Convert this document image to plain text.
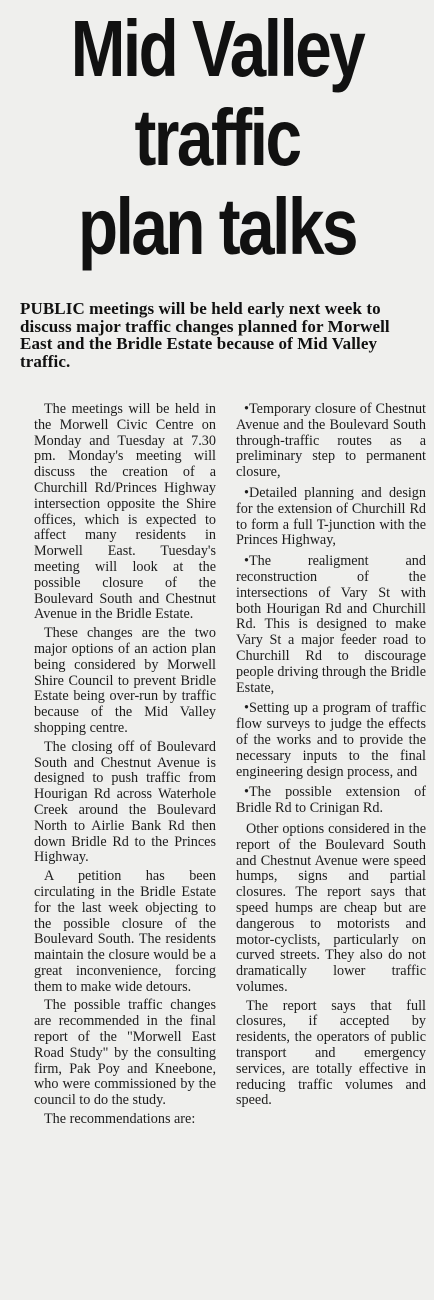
Mid Valley
traffic
plan talks
PUBLIC meetings will be held early next week to discuss major traffic changes planned for Morwell East and the Bridle Estate because of Mid Valley traffic.

The meetings will be held in the Morwell Civic Centre on Monday and Tuesday at 7.30 pm. Monday's meeting will discuss the creation of a Churchill Rd/Princes Highway intersection opposite the Shire offices, which is expected to affect many residents in Morwell East. Tuesday's meeting will look at the possible closure of the Boulevard South and Chestnut Avenue in the Bridle Estate.

These changes are the two major options of an action plan being considered by Morwell Shire Council to prevent Bridle Estate being over-run by traffic because of the Mid Valley shopping centre.

The closing off of Boulevard South and Chestnut Avenue is designed to push traffic from Hourigan Rd across Waterhole Creek around the Boulevard North to Airlie Bank Rd then down Bridle Rd to the Princes Highway.

A petition has been circulating in the Bridle Estate for the last week objecting to the possible closure of the Boulevard South. The residents maintain the closure would be a great inconvenience, forcing them to make wide detours.

The possible traffic changes are recommended in the final report of the "Morwell East Road Study" by the consulting firm, Pak Poy and Kneebone, who were commissioned by the council to do the study.

The recommendations are:

•Temporary closure of Chestnut Avenue and the Boulevard South through-traffic routes as a preliminary step to permanent closure,

•Detailed planning and design for the extension of Churchill Rd to form a full T-junction with the Princes Highway,

•The realigment and reconstruction of the intersections of Vary St with both Hourigan Rd and Churchill Rd. This is designed to make Vary St a major feeder road to Churchill Rd to discourage people driving through the Bridle Estate,

•Setting up a program of traffic flow surveys to judge the effects of the works and to provide the necessary inputs to the final engineering design process, and

•The possible extension of Bridle Rd to Crinigan Rd.

Other options considered in the report of the Boulevard South and Chestnut Avenue were speed humps, signs and partial closures. The report says that speed humps are cheap but are dangerous to motorists and motor-cyclists, particularly on curved streets. They also do not dramatically lower traffic volumes.

The report says that full closures, if accepted by residents, the operators of public transport and emergency services, are totally effective in reducing traffic volumes and speed.
